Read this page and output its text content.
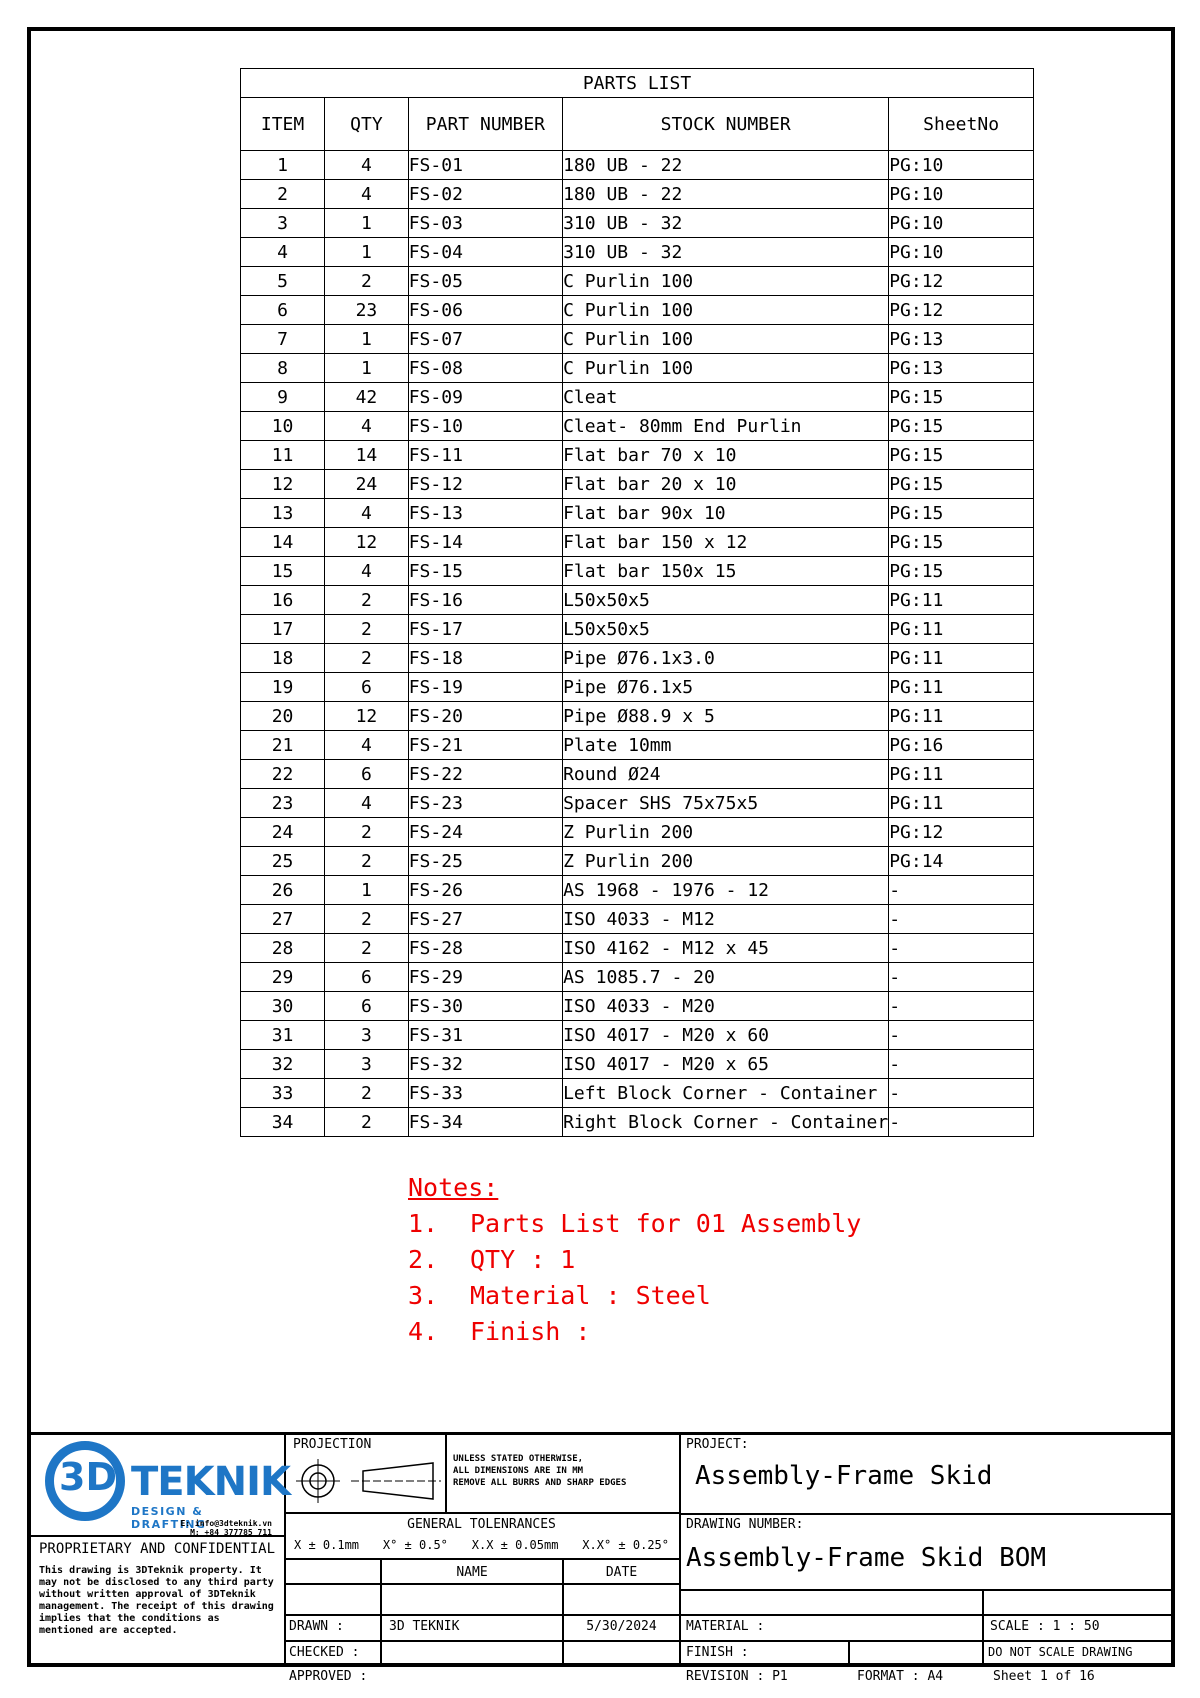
PARTS LIST				
ITEM	QTY	PART NUMBER	STOCK NUMBER	SheetNo
1	4	FS-01	180 UB - 22	PG:10
2	4	FS-02	180 UB - 22	PG:10
3	1	FS-03	310 UB - 32	PG:10
4	1	FS-04	310 UB - 32	PG:10
5	2	FS-05	C Purlin 100	PG:12
6	23	FS-06	C Purlin 100	PG:12
7	1	FS-07	C Purlin 100	PG:13
8	1	FS-08	C Purlin 100	PG:13
9	42	FS-09	Cleat	PG:15
10	4	FS-10	Cleat- 80mm End Purlin	PG:15
11	14	FS-11	Flat bar 70 x 10	PG:15
12	24	FS-12	Flat bar 20 x 10	PG:15
13	4	FS-13	Flat bar 90x 10	PG:15
14	12	FS-14	Flat bar 150 x 12	PG:15
15	4	FS-15	Flat bar 150x 15	PG:15
16	2	FS-16	L50x50x5	PG:11
17	2	FS-17	L50x50x5	PG:11
18	2	FS-18	Pipe Ø76.1x3.0	PG:11
19	6	FS-19	Pipe Ø76.1x5	PG:11
20	12	FS-20	Pipe Ø88.9 x 5	PG:11
21	4	FS-21	Plate 10mm	PG:16
22	6	FS-22	Round Ø24	PG:11
23	4	FS-23	Spacer SHS 75x75x5	PG:11
24	2	FS-24	Z Purlin 200	PG:12
25	2	FS-25	Z Purlin 200	PG:14
26	1	FS-26	AS 1968 - 1976 - 12	-
27	2	FS-27	ISO 4033 - M12	-
28	2	FS-28	ISO 4162 - M12 x 45	-
29	6	FS-29	AS 1085.7 - 20	-
30	6	FS-30	ISO 4033 - M20	-
31	3	FS-31	ISO 4017 - M20 x 60	-
32	3	FS-32	ISO 4017 - M20 x 65	-
33	2	FS-33	Left Block Corner - Container	-
34	2	FS-34	Right Block Corner - Container	-
Notes:
1. Parts List for 01 Assembly
2. QTY : 1
3. Material : Steel
4. Finish :
3D TEKNIK
DESIGN & DRAFTING
E: info@3dteknik.vn
M: +84 377785 711
PROPRIETARY AND CONFIDENTIAL
This drawing is 3DTeknik property. It may not be disclosed to any third party without written approval of 3DTeknik management. The receipt of this drawing implies that the conditions as mentioned are accepted.
PROJECTION
UNLESS STATED OTHERWISE,
ALL DIMENSIONS ARE IN MM
REMOVE ALL BURRS AND SHARP EDGES
GENERAL TOLENRANCES
X ± 0.1mm X° ± 0.5° X.X ± 0.05mm X.X° ± 0.25°
NAME	DATE
DRAWN :	3D TEKNIK	5/30/2024
CHECKED :
APPROVED :
PROJECT:
Assembly-Frame Skid
DRAWING NUMBER:
Assembly-Frame Skid BOM
MATERIAL :
FINISH :
REVISION : P1	FORMAT : A4
SCALE : 1 : 50
DO NOT SCALE DRAWING
Sheet 1 of 16
